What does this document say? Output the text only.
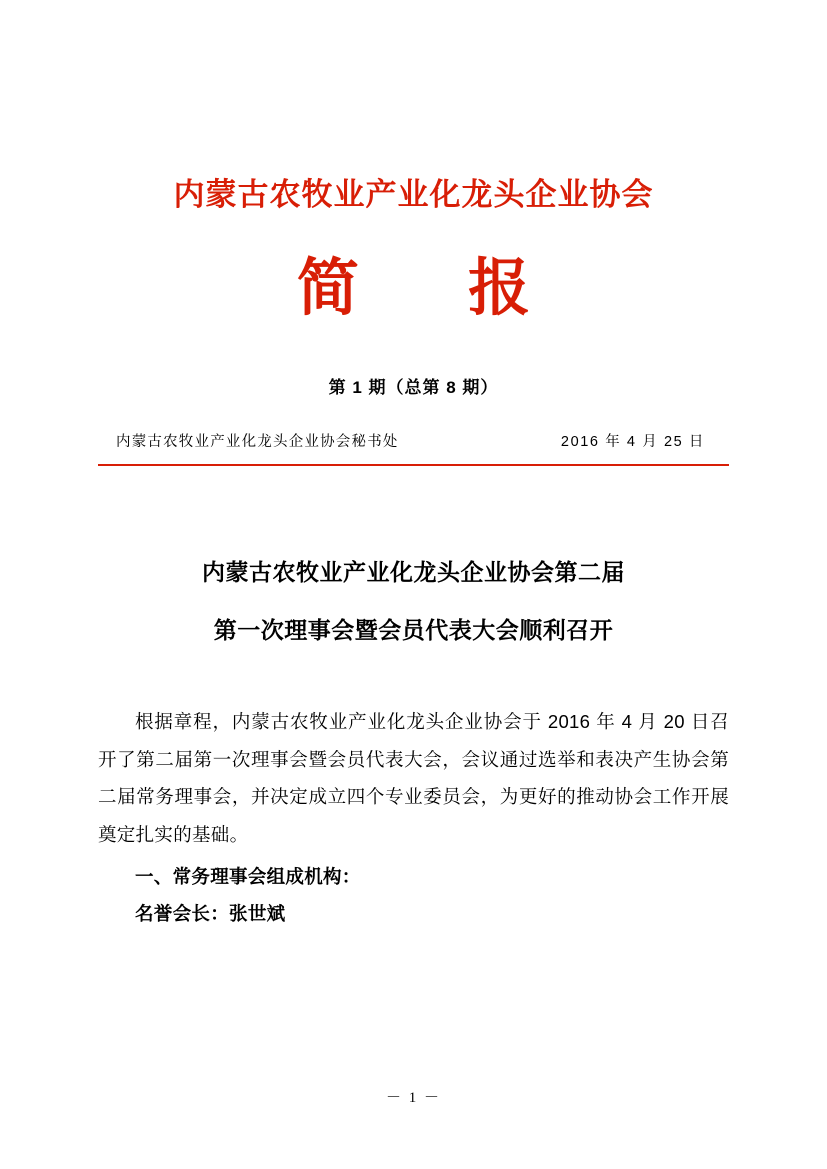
内蒙古农牧业产业化龙头企业协会
简 报
第 1 期（总第 8 期）
内蒙古农牧业产业化龙头企业协会秘书处	2016 年 4 月 25 日
内蒙古农牧业产业化龙头企业协会第二届
第一次理事会暨会员代表大会顺利召开

根据章程，内蒙古农牧业产业化龙头企业协会于 2016 年 4 月 20 日召开了第二届第一次理事会暨会员代表大会，会议通过选举和表决产生协会第二届常务理事会，并决定成立四个专业委员会，为更好的推动协会工作开展奠定扎实的基础。

一、常务理事会组成机构：
名誉会长：张世斌
－ 1 －
